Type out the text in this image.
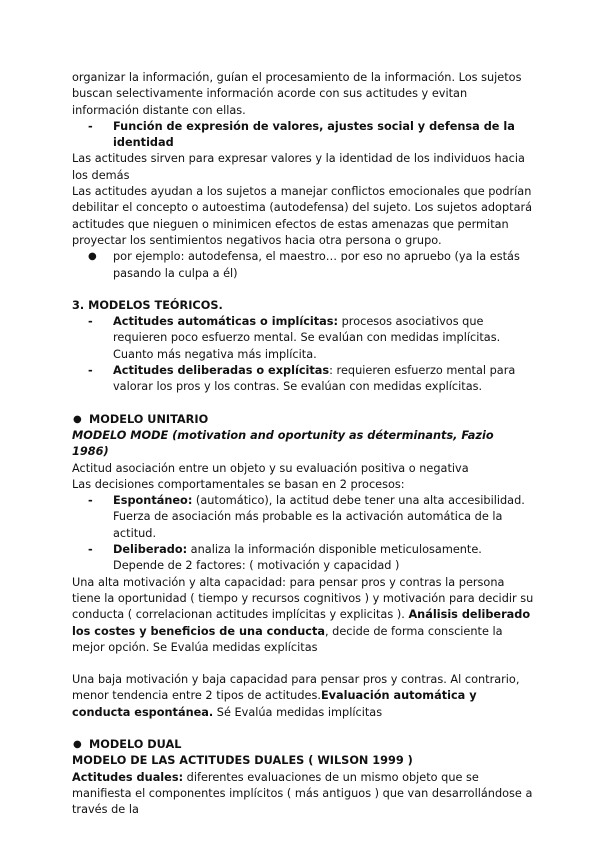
organizar la información, guían el procesamiento de la información. Los sujetos buscan selectivamente información acorde con sus actitudes y evitan información distante con ellas.

- Función de expresión de valores, ajustes social y defensa de la identidad

Las actitudes sirven para expresar valores y la identidad de los individuos hacia los demás

Las actitudes ayudan a los sujetos a manejar conflictos emocionales que podrían debilitar el concepto o autoestima (autodefensa) del sujeto. Los sujetos adoptará actitudes que nieguen o minimicen efectos de estas amenazas que permitan proyectar los sentimientos negativos hacia otra persona o grupo.

● por ejemplo: autodefensa, el maestro… por eso no apruebo (ya la estás pasando la culpa a él)

3. MODELOS TEÓRICOS.

- Actitudes automáticas o implícitas: procesos asociativos que requieren poco esfuerzo mental. Se evalúan con medidas implícitas. Cuanto más negativa más implícita.

- Actitudes deliberadas o explícitas: requieren esfuerzo mental para valorar los pros y los contras. Se evalúan con medidas explícitas.

● MODELO UNITARIO

MODELO MODE (motivation and oportunity as déterminants, Fazio 1986)

Actitud asociación entre un objeto y su evaluación positiva o negativa

Las decisiones comportamentales se basan en 2 procesos:

- Espontáneo: (automático), la actitud debe tener una alta accesibilidad. Fuerza de asociación más probable es la activación automática de la actitud.

- Deliberado: analiza la información disponible meticulosamente. Depende de 2 factores: ( motivación y capacidad )

Una alta motivación y alta capacidad: para pensar pros y contras la persona tiene la oportunidad ( tiempo y recursos cognitivos ) y motivación para decidir su conducta ( correlacionan actitudes implícitas y explicitas ). Análisis deliberado los costes y beneficios de una conducta, decide de forma consciente la mejor opción. Se Evalúa medidas explícitas

Una baja motivación y baja capacidad para pensar pros y contras. Al contrario, menor tendencia entre 2 tipos de actitudes.Evaluación automática y conducta espontánea. Sé Evalúa medidas implícitas

● MODELO DUAL

MODELO DE LAS ACTITUDES DUALES ( WILSON 1999 )

Actitudes duales: diferentes evaluaciones de un mismo objeto que se manifiesta el componentes implícitos ( más antiguos ) que van desarrollándose a través de la
